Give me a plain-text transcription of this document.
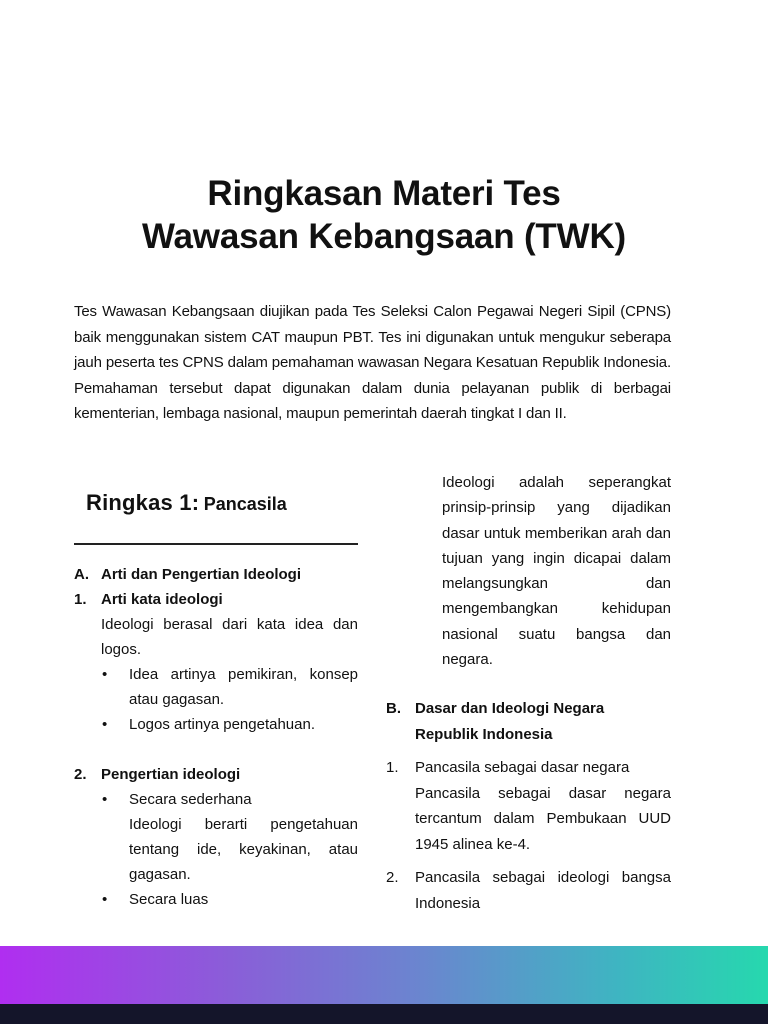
Ringkasan Materi Tes
Wawasan Kebangsaan (TWK)

Tes Wawasan Kebangsaan diujikan pada Tes Seleksi Calon Pegawai Negeri Sipil (CPNS) baik menggunakan sistem CAT maupun PBT. Tes ini digunakan untuk mengukur seberapa jauh peserta tes CPNS dalam pemahaman wawasan Negara Kesatuan Republik Indonesia. Pemahaman tersebut dapat digunakan dalam dunia pelayanan publik di berbagai kementerian, lembaga nasional, maupun pemerintah daerah tingkat I dan II.

Ringkas 1: Pancasila
A. Arti dan Pengertian Ideologi
1. Arti kata ideologi
Ideologi berasal dari kata idea dan logos.
• Idea artinya pemikiran, konsep atau gagasan.
• Logos artinya pengetahuan.
2. Pengertian ideologi
• Secara sederhana
Ideologi berarti pengetahuan tentang ide, keyakinan, atau gagasan.
• Secara luas
Ideologi adalah seperangkat prinsip-prinsip yang dijadikan dasar untuk memberikan arah dan tujuan yang ingin dicapai dalam melangsungkan dan mengembangkan kehidupan nasional suatu bangsa dan negara.
B. Dasar dan Ideologi Negara Republik Indonesia
1. Pancasila sebagai dasar negara
Pancasila sebagai dasar negara tercantum dalam Pembukaan UUD 1945 alinea ke-4.
2. Pancasila sebagai ideologi bangsa Indonesia
